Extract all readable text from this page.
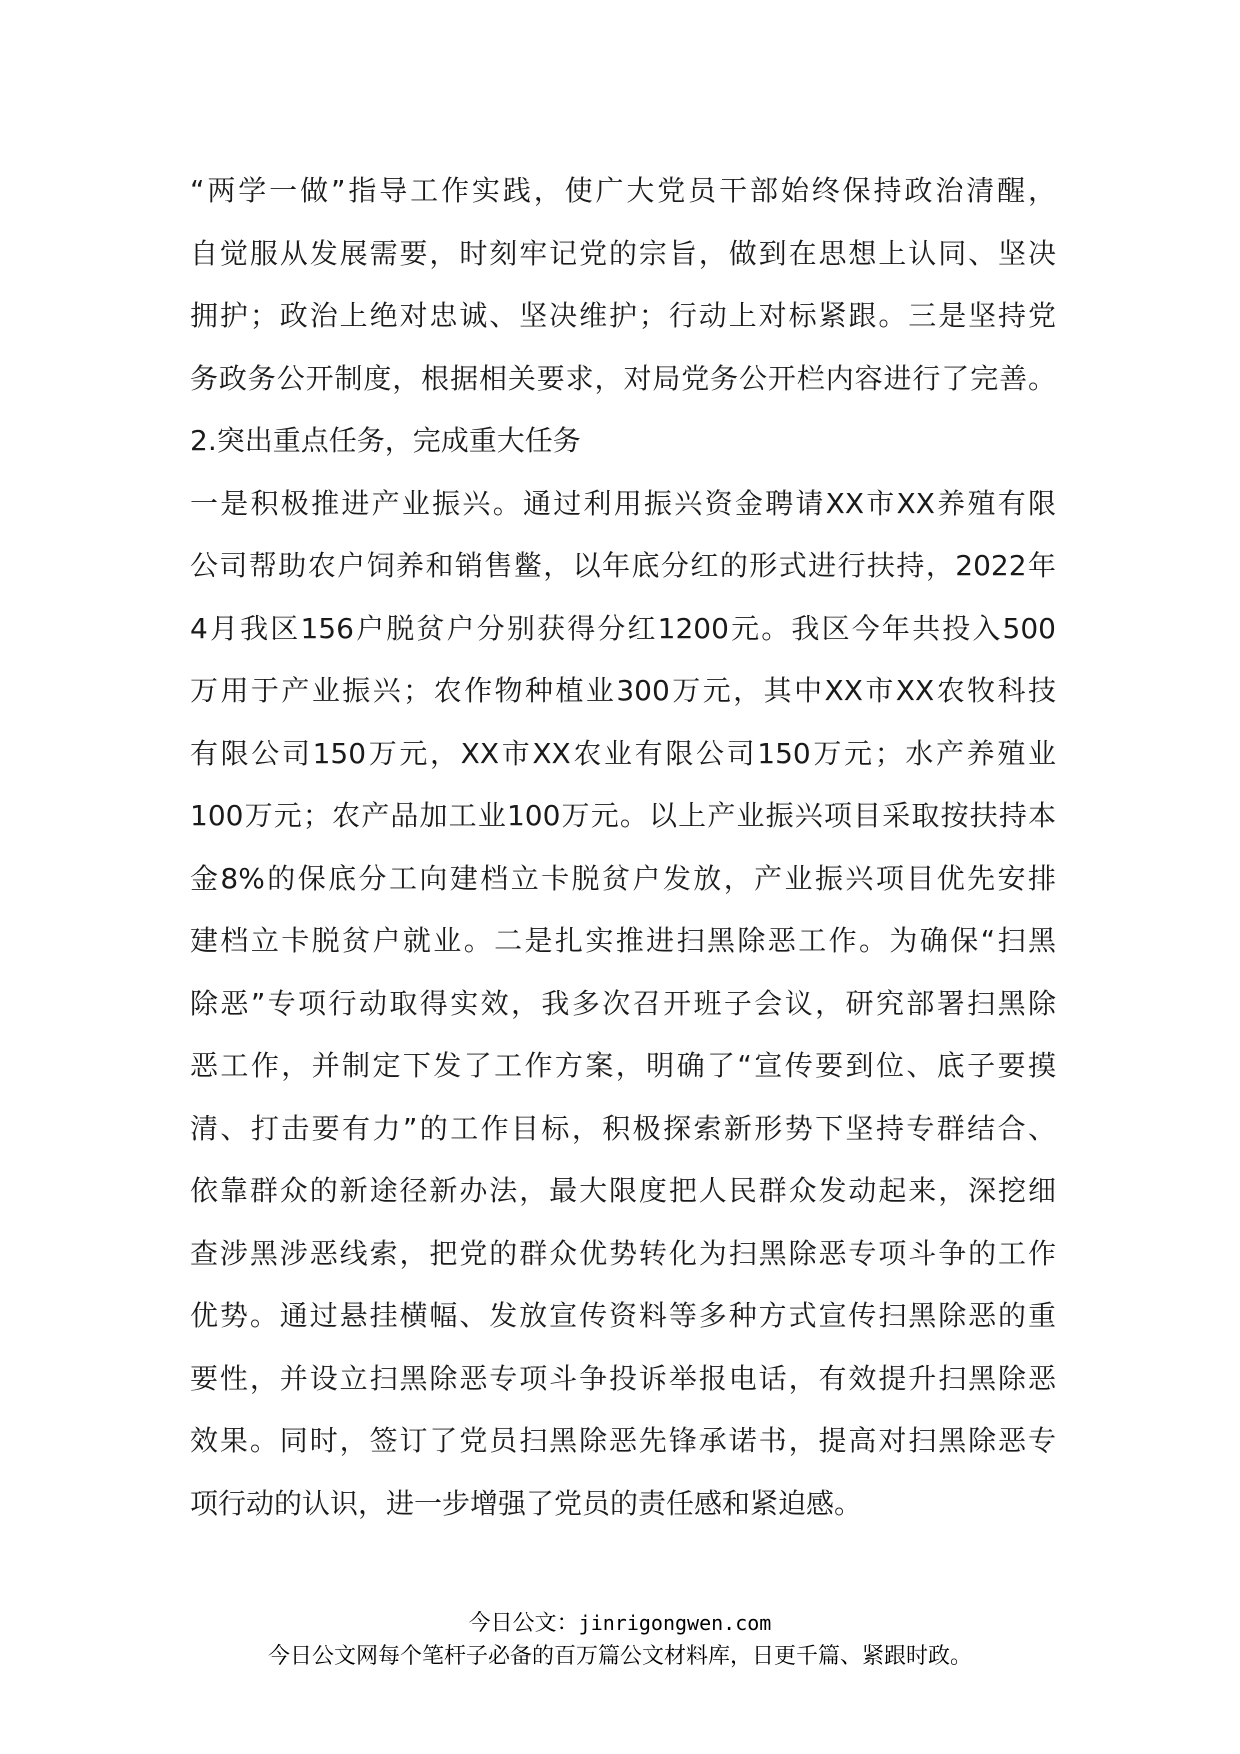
“两学一做”指导工作实践，使广大党员干部始终保持政治清醒，
自觉服从发展需要，时刻牢记党的宗旨，做到在思想上认同、坚决
拥护；政治上绝对忠诚、坚决维护；行动上对标紧跟。三是坚持党
务政务公开制度，根据相关要求，对局党务公开栏内容进行了完善。
2.突出重点任务，完成重大任务
一是积极推进产业振兴。通过利用振兴资金聘请XX市XX养殖有限
公司帮助农户饲养和销售鳖，以年底分红的形式进行扶持，2022年
4月我区156户脱贫户分别获得分红1200元。我区今年共投入500
万用于产业振兴；农作物种植业300万元，其中XX市XX农牧科技
有限公司150万元，XX市XX农业有限公司150万元；水产养殖业
100万元；农产品加工业100万元。以上产业振兴项目采取按扶持本
金8%的保底分工向建档立卡脱贫户发放，产业振兴项目优先安排
建档立卡脱贫户就业。二是扎实推进扫黑除恶工作。为确保“扫黑
除恶”专项行动取得实效，我多次召开班子会议，研究部署扫黑除
恶工作，并制定下发了工作方案，明确了“宣传要到位、底子要摸
清、打击要有力”的工作目标，积极探索新形势下坚持专群结合、
依靠群众的新途径新办法，最大限度把人民群众发动起来，深挖细
查涉黑涉恶线索，把党的群众优势转化为扫黑除恶专项斗争的工作
优势。通过悬挂横幅、发放宣传资料等多种方式宣传扫黑除恶的重
要性，并设立扫黑除恶专项斗争投诉举报电话，有效提升扫黑除恶
效果。同时，签订了党员扫黑除恶先锋承诺书，提高对扫黑除恶专
项行动的认识，进一步增强了党员的责任感和紧迫感。
今日公文：jinrigongwen.com
今日公文网每个笔杆子必备的百万篇公文材料库，日更千篇、紧跟时政。
